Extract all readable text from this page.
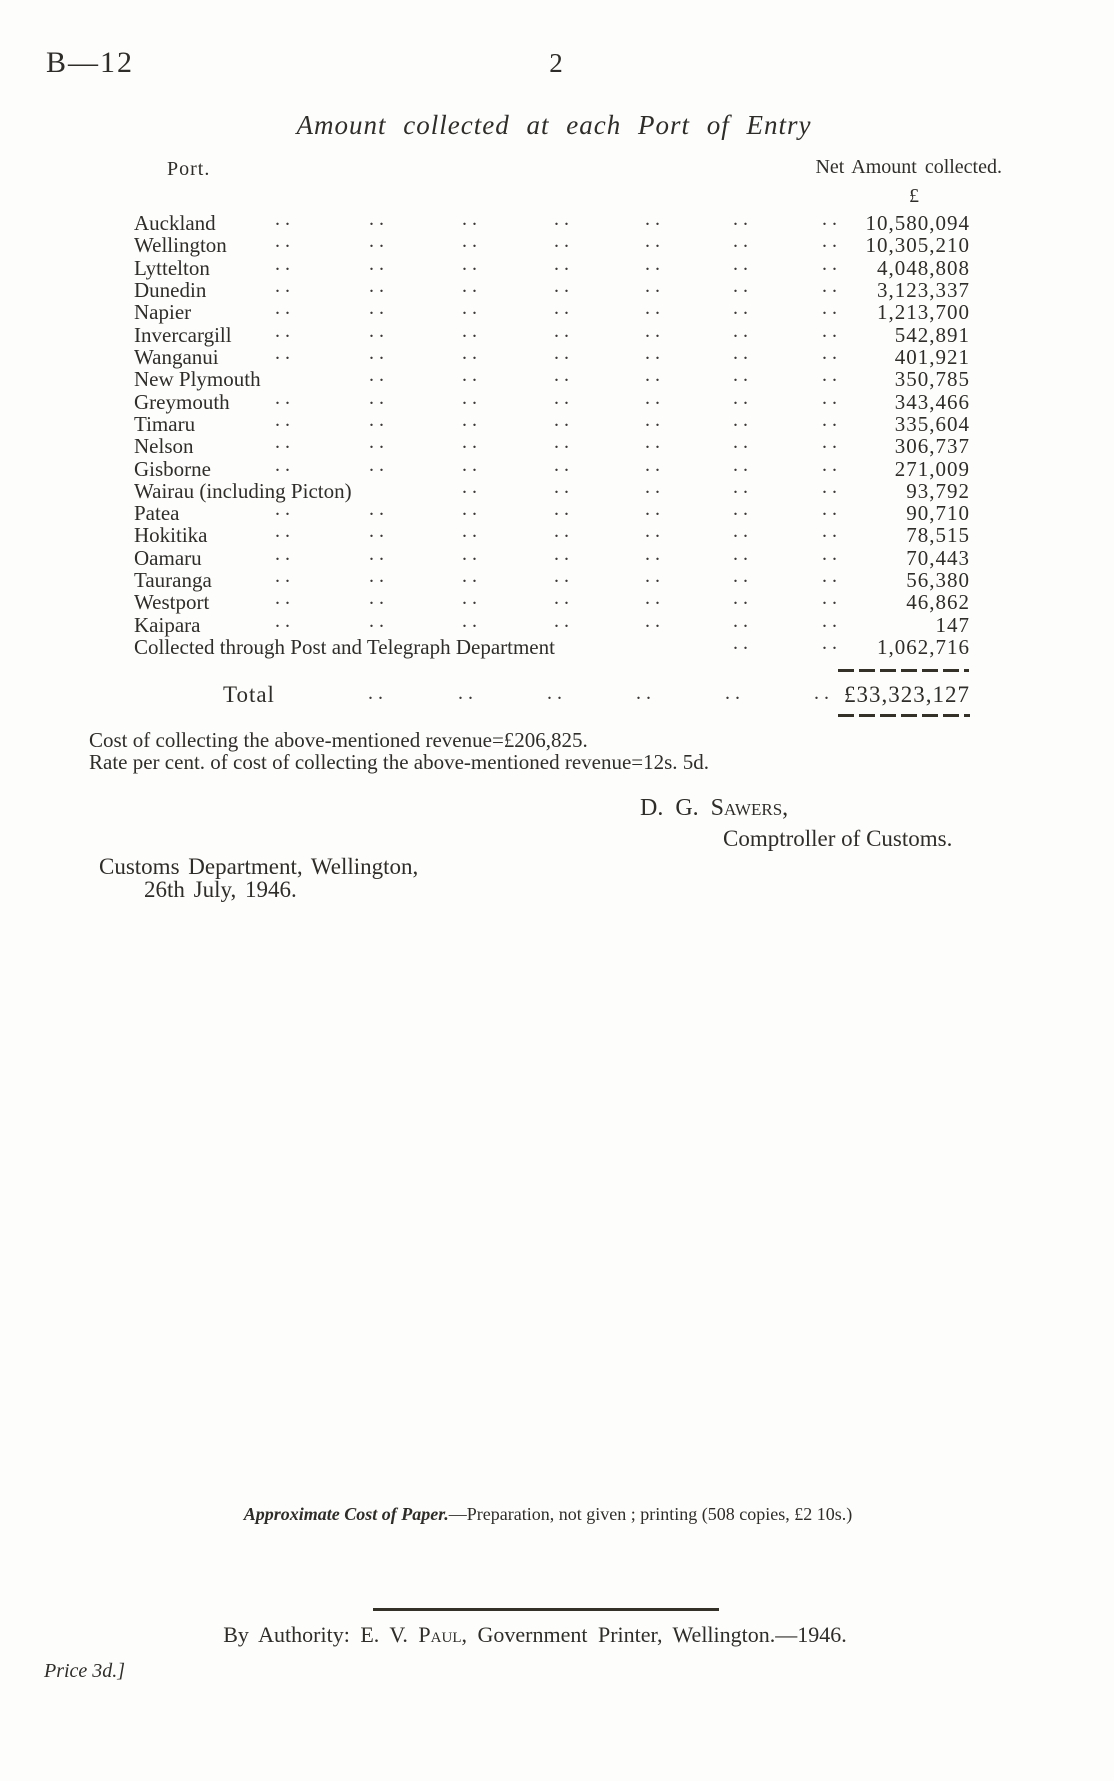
B—12	2
Amount collected at each Port of Entry
Port.	Net Amount collected.
£
Auckland	..	..	..	..	..	..	.. 10,580,094
Wellington ..	..	..	..	..	..	.. 10,305,210
Lyttelton	..	..	..	..	..	..	.. 4,048,808
Dunedin	..	..	..	..	..	..	.. 3,123,337
Napier	..	..	..	..	..	..	.. 1,213,700
Invercargill ..	..	..	..	..	..	..	542,891
Wanganui	..	..	..	..	..	..	..	401,921
New Plymouth	..	..	..	..	..	..	350,785
Greymouth ..	..	..	..	..	..	..	343,466
Timaru	..	..	..	..	..	..	..	335,604
Nelson	..	..	..	..	..	..	..	306,737
Gisborne	..	..	..	..	..	..	..	271,009
Wairau (including Picton)	..	..	..	..	..	93,792
Patea	..	..	..	..	..	..	..	90,710
Hokitika	..	..	..	..	..	..	..	78,515
Oamaru	..	..	..	..	..	..	..	70,443
Tauranga	..	..	..	..	..	..	..	56,380
Westport	..	..	..	..	..	..	..	46,862
Kaipara	..	..	..	..	..	..	..	147
Collected through Post and Telegraph Department	..	.. 1,062,716
Total	£33,323,127
..	..	..	..	..	..
Cost of collecting the above-mentioned revenue=£206,825.
Rate per cent. of cost of collecting the above-mentioned revenue=12s. 5d.
D. G. Sawers,
Comptroller of Customs.
Customs Department, Wellington,
26th July, 1946.
Approximate Cost of Paper.—Preparation, not given ; printing (508 copies, £2 10s.)
By Authority: E. V. Paul, Government Printer, Wellington.—1946.
Price 3d.]
